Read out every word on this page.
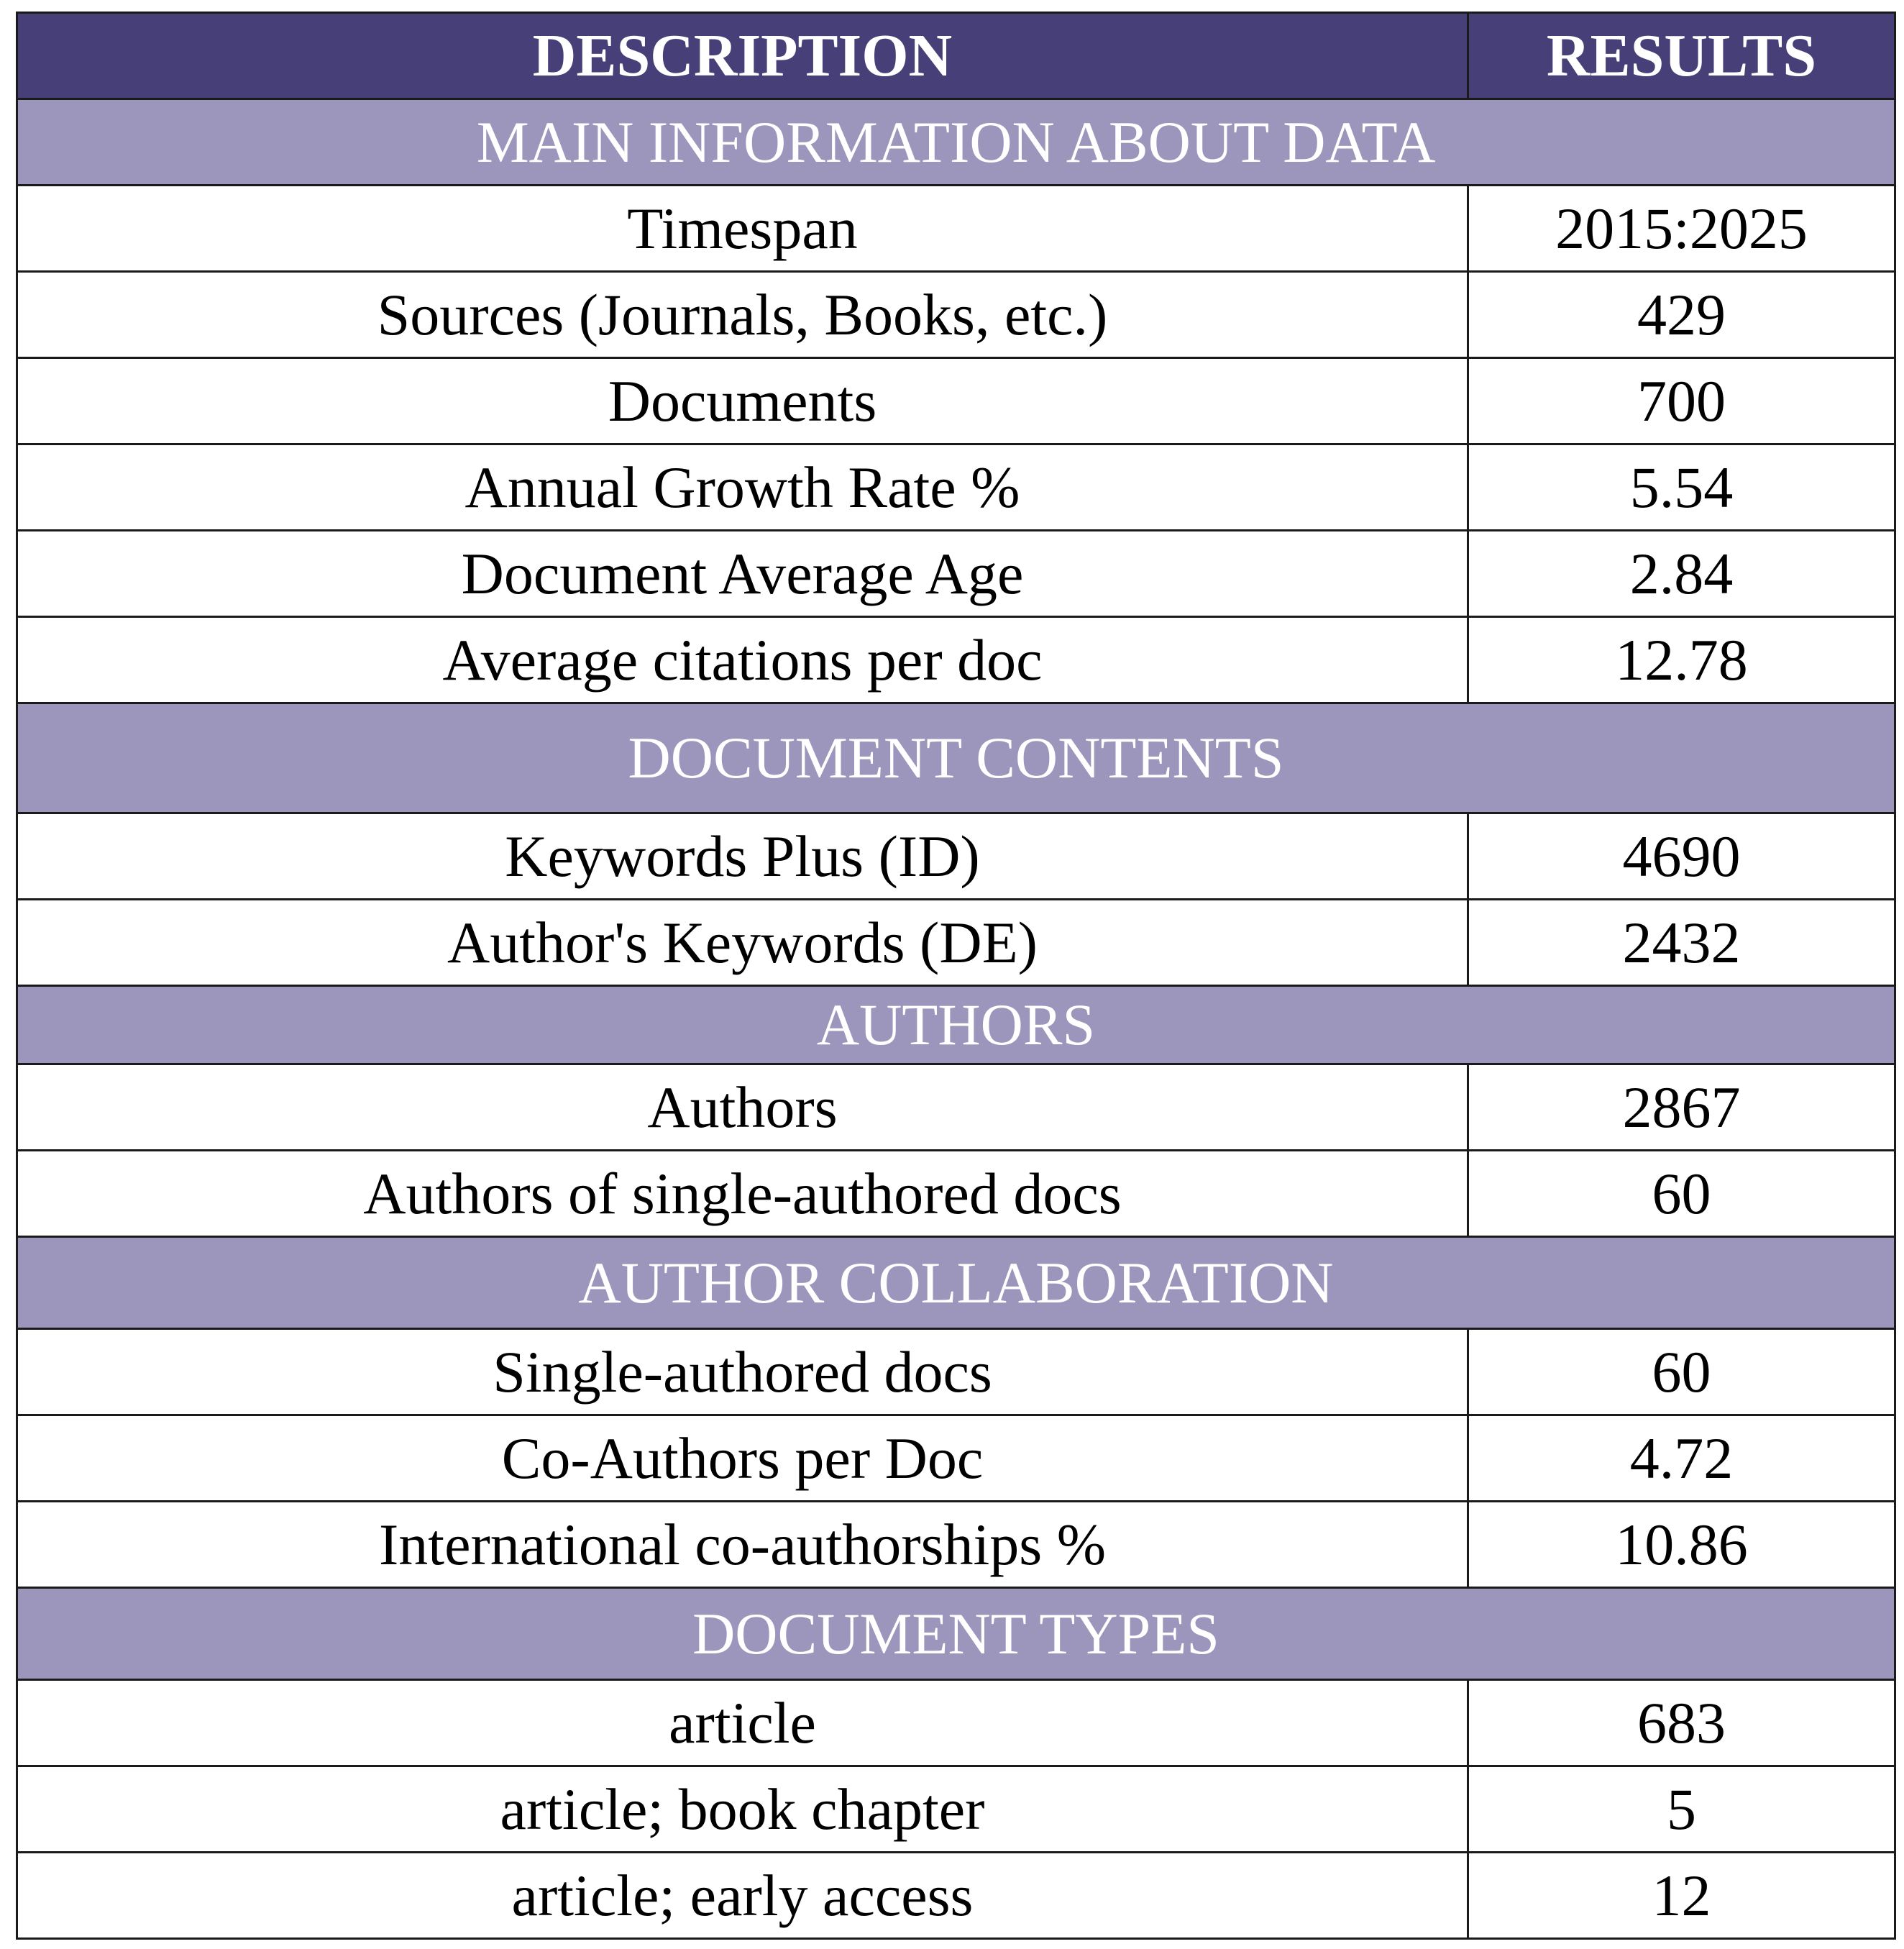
DESCRIPTION	RESULTS
MAIN INFORMATION ABOUT DATA	
Timespan	2015:2025
Sources (Journals, Books, etc.)	429
Documents	700
Annual Growth Rate %	5.54
Document Average Age	2.84
Average citations per doc	12.78
DOCUMENT CONTENTS	
Keywords Plus (ID)	4690
Author's Keywords (DE)	2432
AUTHORS	
Authors	2867
Authors of single-authored docs	60
AUTHOR COLLABORATION	
Single-authored docs	60
Co-Authors per Doc	4.72
International co-authorships %	10.86
DOCUMENT TYPES	
article	683
article; book chapter	5
article; early access	12
